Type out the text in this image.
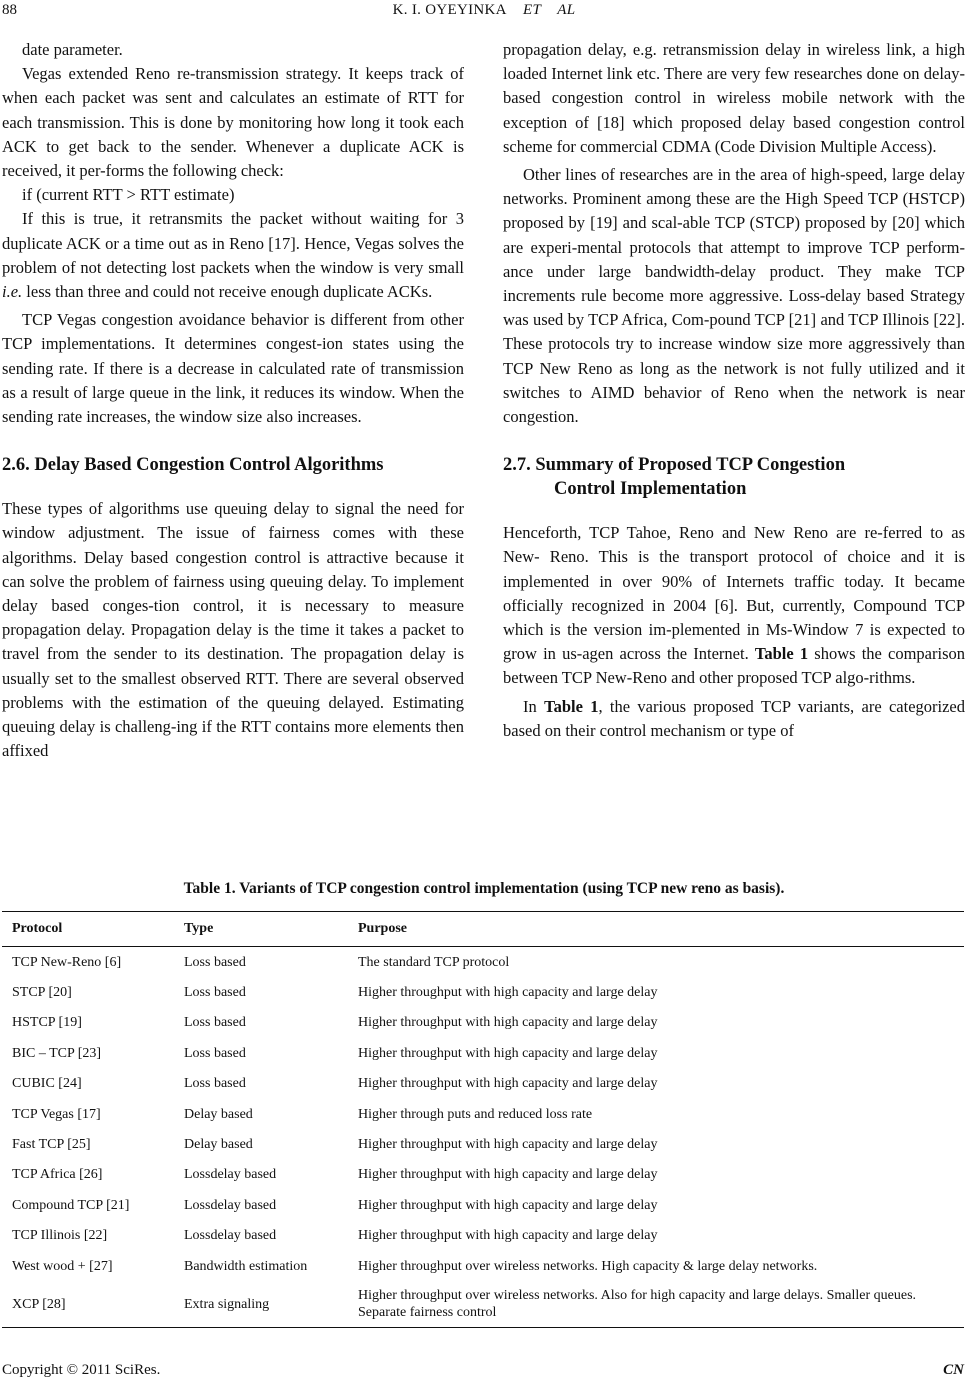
88	K. I. OYEYINKA ET AL

date parameter.

Vegas extended Reno re-transmission strategy. It keeps track of when each packet was sent and calculates an estimate of RTT for each transmission. This is done by monitoring how long it took each ACK to get back to the sender. Whenever a duplicate ACK is received, it per-forms the following check:

if (current RTT > RTT estimate)

If this is true, it retransmits the packet without waiting for 3 duplicate ACK or a time out as in Reno [17]. Hence, Vegas solves the problem of not detecting lost packets when the window is very small i.e. less than three and could not receive enough duplicate ACKs.

TCP Vegas congestion avoidance behavior is different from other TCP implementations. It determines congest-ion states using the sending rate. If there is a decrease in calculated rate of transmission as a result of large queue in the link, it reduces its window. When the sending rate increases, the window size also increases.

2.6. Delay Based Congestion Control Algorithms

These types of algorithms use queuing delay to signal the need for window adjustment. The issue of fairness comes with these algorithms. Delay based congestion control is attractive because it can solve the problem of fairness using queuing delay. To implement delay based conges-tion control, it is necessary to measure propagation delay. Propagation delay is the time it takes a packet to travel from the sender to its destination. The propagation delay is usually set to the smallest observed RTT. There are several observed problems with the estimation of the queuing delayed. Estimating queuing delay is challeng-ing if the RTT contains more elements then affixed

propagation delay, e.g. retransmission delay in wireless link, a high loaded Internet link etc. There are very few researches done on delay-based congestion control in wireless mobile network with the exception of [18] which proposed delay based congestion control scheme for commercial CDMA (Code Division Multiple Access).

Other lines of researches are in the area of high-speed, large delay networks. Prominent among these are the High Speed TCP (HSTCP) proposed by [19] and scal-able TCP (STCP) proposed by [20] which are experi-mental protocols that attempt to improve TCP perform-ance under large bandwidth-delay product. They make TCP increments rule become more aggressive. Loss-delay based Strategy was used by TCP Africa, Com-pound TCP [21] and TCP Illinois [22]. These protocols try to increase window size more aggressively than TCP New Reno as long as the network is not fully utilized and it switches to AIMD behavior of Reno when the network is near congestion.

2.7. Summary of Proposed TCP Congestion
Control Implementation

Henceforth, TCP Tahoe, Reno and New Reno are re-ferred to as New- Reno. This is the transport protocol of choice and it is implemented in over 90% of Internets traffic today. It became officially recognized in 2004 [6]. But, currently, Compound TCP which is the version im-plemented in Ms-Window 7 is expected to grow in us-agen across the Internet. Table 1 shows the comparison between TCP New-Reno and other proposed TCP algo-rithms.

In Table 1, the various proposed TCP variants, are categorized based on their control mechanism or type of

Table 1. Variants of TCP congestion control implementation (using TCP new reno as basis).
Protocol	Type	Purpose
TCP New-Reno [6]	Loss based	The standard TCP protocol
STCP [20]	Loss based	Higher throughput with high capacity and large delay
HSTCP [19]	Loss based	Higher throughput with high capacity and large delay
BIC – TCP [23]	Loss based	Higher throughput with high capacity and large delay
CUBIC [24]	Loss based	Higher throughput with high capacity and large delay
TCP Vegas [17]	Delay based	Higher through puts and reduced loss rate
Fast TCP [25]	Delay based	Higher throughput with high capacity and large delay
TCP Africa [26]	Lossdelay based	Higher throughput with high capacity and large delay
Compound TCP [21]	Lossdelay based	Higher throughput with high capacity and large delay
TCP Illinois [22]	Lossdelay based	Higher throughput with high capacity and large delay
West wood + [27]	Bandwidth estimation	Higher throughput over wireless networks. High capacity & large delay networks.
XCP [28]	Extra signaling	Higher throughput over wireless networks. Also for high capacity and large delays. Smaller queues. Separate fairness control
Copyright © 2011 SciRes.	CN
